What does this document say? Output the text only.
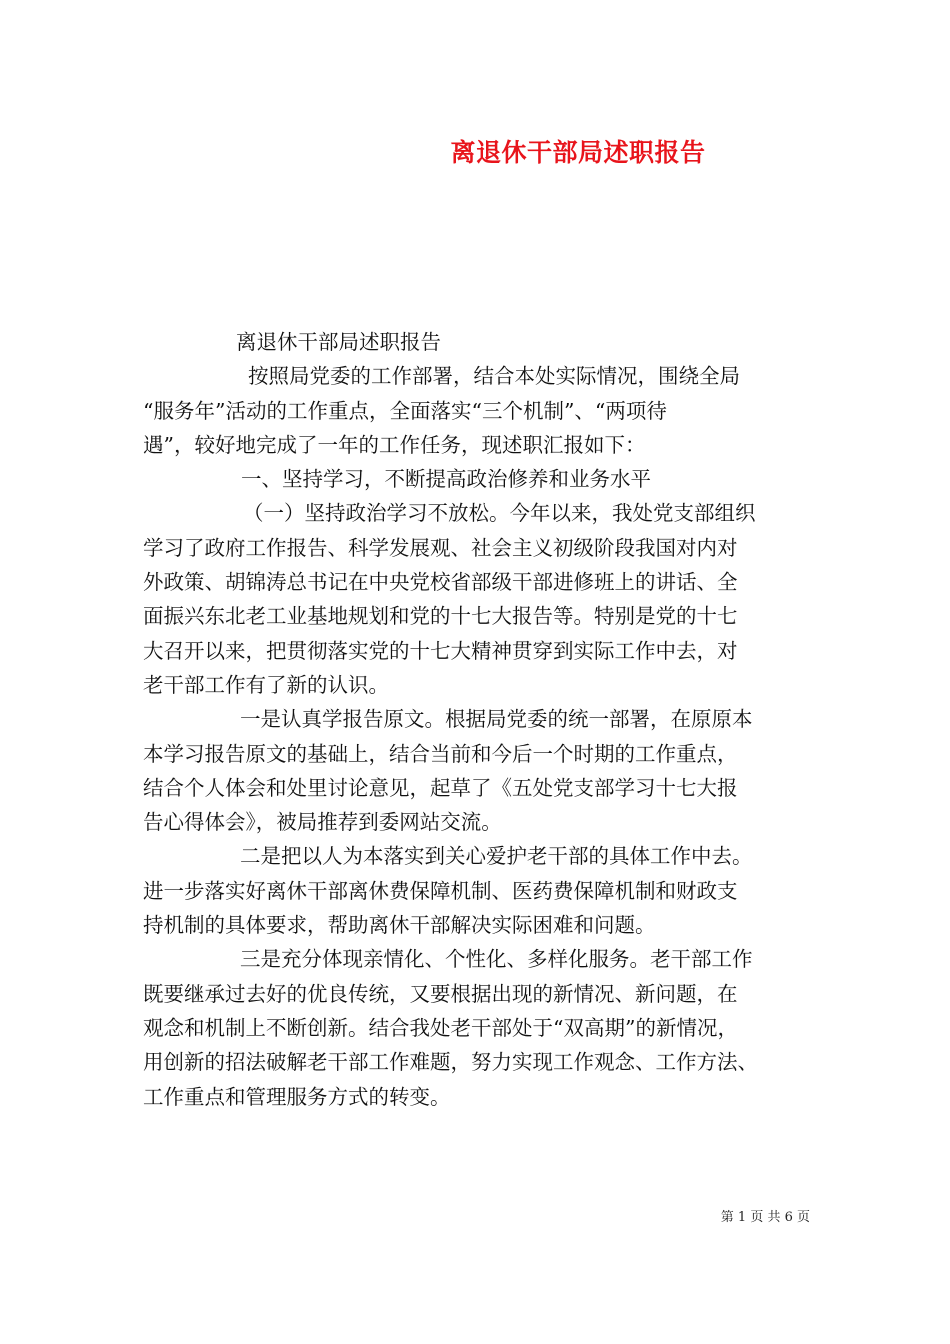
离退休干部局述职报告
离退休干部局述职报告
按照局党委的工作部署，结合本处实际情况，围绕全局
“服务年”活动的工作重点，全面落实“三个机制”、“两项待
遇”，较好地完成了一年的工作任务，现述职汇报如下：
一、坚持学习，不断提高政治修养和业务水平
（一）坚持政治学习不放松。今年以来，我处党支部组织
学习了政府工作报告、科学发展观、社会主义初级阶段我国对内对
外政策、胡锦涛总书记在中央党校省部级干部进修班上的讲话、全
面振兴东北老工业基地规划和党的十七大报告等。特别是党的十七
大召开以来，把贯彻落实党的十七大精神贯穿到实际工作中去，对
老干部工作有了新的认识。
一是认真学报告原文。根据局党委的统一部署，在原原本
本学习报告原文的基础上，结合当前和今后一个时期的工作重点，
结合个人体会和处里讨论意见，起草了《五处党支部学习十七大报
告心得体会》，被局推荐到委网站交流。
二是把以人为本落实到关心爱护老干部的具体工作中去。
进一步落实好离休干部离休费保障机制、医药费保障机制和财政支
持机制的具体要求，帮助离休干部解决实际困难和问题。
三是充分体现亲情化、个性化、多样化服务。老干部工作
既要继承过去好的优良传统，又要根据出现的新情况、新问题，在
观念和机制上不断创新。结合我处老干部处于“双高期”的新情况，
用创新的招法破解老干部工作难题，努力实现工作观念、工作方法、
工作重点和管理服务方式的转变。
第 1 页 共 6 页
